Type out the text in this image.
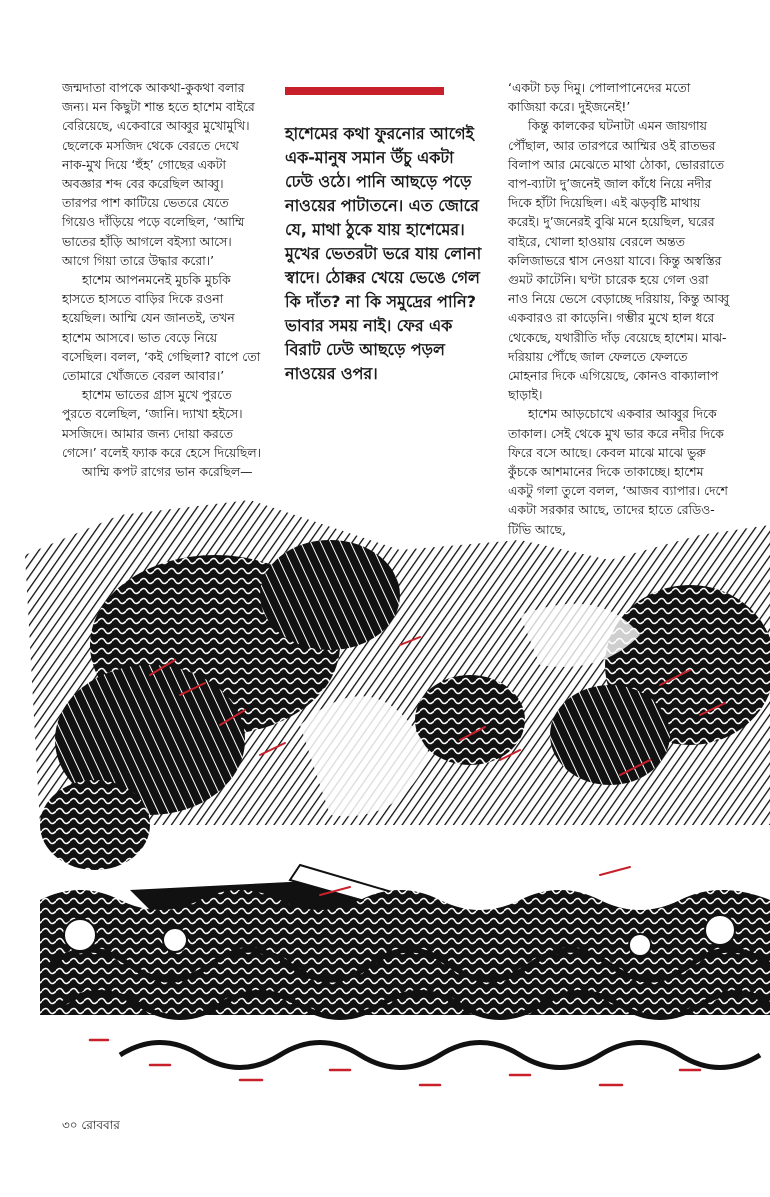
জন্মদাতা বাপকে আকথা-কুকথা বলার জন্য। মন কিছুটা শান্ত হতে হাশেম বাইরে বেরিয়েছে, একেবারে আব্বুর মুখোমুখি। ছেলেকে মসজিদ থেকে বেরতে দেখে নাক-মুখ দিয়ে ‘হুঁহ’ গোছের একটা অবজ্ঞার শব্দ বের করেছিল আব্বু। তারপর পাশ কাটিয়ে ভেতরে যেতে গিয়েও দাঁড়িয়ে পড়ে বলেছিল, ‘আম্মি ভাতের হাঁড়ি আগলে বইস্যা আসে। আগে গিয়া তারে উদ্ধার করো।’

হাশেম আপনমনেই মুচকি মুচকি হাসতে হাসতে বাড়ির দিকে রওনা হয়েছিল। আম্মি যেন জানতই, তখন হাশেম আসবে। ভাত বেড়ে নিয়ে বসেছিল। বলল, ‘কই গেছিলা? বাপে তো তোমারে খোঁজতে বেরল আবার।’

হাশেম ভাতের গ্রাস মুখে পুরতে পুরতে বলেছিল, ‘জানি। দ্যাখা হইসে। মসজিদে। আমার জন্য দোয়া করতে গেসে।’ বলেই ফ্যাক করে হেসে দিয়েছিল।

আম্মি কপট রাগের ভান করেছিল—

হাশেমের কথা ফুরনোর আগেই এক-মানুষ সমান উঁচু একটা ঢেউ ওঠে। পানি আছড়ে পড়ে নাওয়ের পাটাতনে। এত জোরে যে, মাথা ঠুকে যায় হাশেমের। মুখের ভেতরটা ভরে যায় লোনা স্বাদে। ঠোক্কর খেয়ে ভেঙে গেল কি দাঁত? না কি সমুদ্রের পানি? ভাবার সময় নাই। ফের এক বিরাট ঢেউ আছড়ে পড়ল নাওয়ের ওপর।

‘একটা চড় দিমু। পোলাপানেদের মতো কাজিয়া করে। দুইজনেই!’

কিন্তু কালকের ঘটনাটা এমন জায়গায় পৌঁছাল, আর তারপরে আম্মির ওই রাতভর বিলাপ আর মেঝেতে মাথা ঠোকা, ভোররাতে বাপ-ব্যাটা দু’জনেই জাল কাঁধে নিয়ে নদীর দিকে হাঁটা দিয়েছিল। এই ঝড়বৃষ্টি মাথায় করেই। দু’জনেরই বুঝি মনে হয়েছিল, ঘরের বাইরে, খোলা হাওয়ায় বেরলে অন্তত কলিজাভরে শ্বাস নেওয়া যাবে। কিন্তু অস্বস্তির গুমট কাটেনি। ঘণ্টা চারেক হয়ে গেল ওরা নাও নিয়ে ভেসে বেড়াচ্ছে দরিয়ায়, কিন্তু আব্বু একবারও রা কাড়েনি। গম্ভীর মুখে হাল ধরে থেকেছে, যথারীতি দাঁড় বেয়েছে হাশেম। মাঝ-দরিয়ায় পৌঁছে জাল ফেলতে ফেলতে মোহনার দিকে এগিয়েছে, কোনও বাক্যালাপ ছাড়াই।

হাশেম আড়চোখে একবার আব্বুর দিকে তাকাল। সেই থেকে মুখ ভার করে নদীর দিকে ফিরে বসে আছে। কেবল মাঝে মাঝে ভুরু কুঁচকে আশমানের দিকে তাকাচ্ছে। হাশেম একটু গলা তুলে বলল, ‘আজব ব্যাপার। দেশে একটা সরকার আছে, তাদের হাতে রেডিও-টিভি আছে,

৩০ রোববার
